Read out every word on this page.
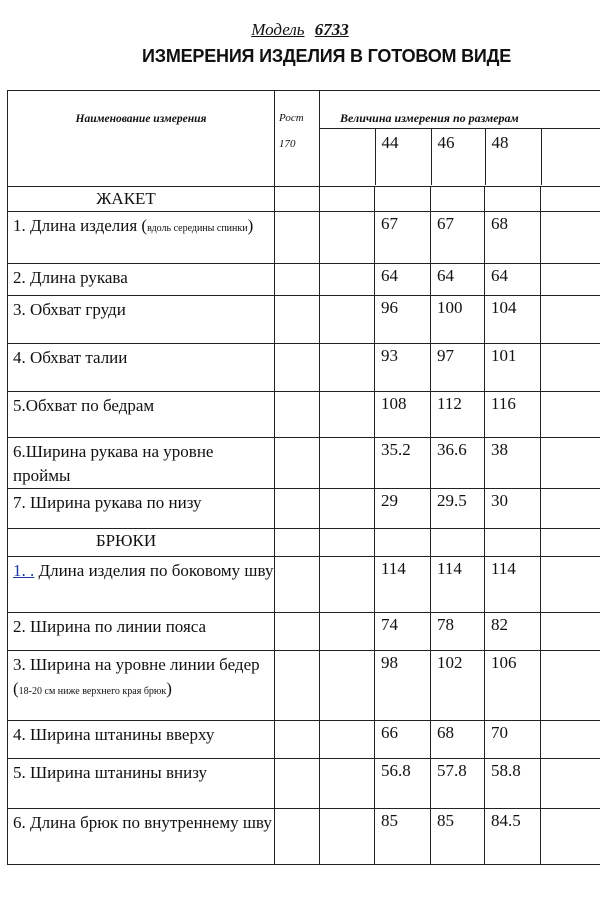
Модель 6733
ИЗМЕРЕНИЯ ИЗДЕЛИЯ В ГОТОВОМ ВИДЕ
Наименование измерения	Рост
170

Величина измерения по размерам
	44	46	48	

ЖАКЕТ						
1. Длина изделия (вдоль середины спинки)			67	67	68	
2. Длина рукава			64	64	64	
3. Обхват груди			96	100	104	
4. Обхват талии			93	97	101	
5.Обхват по бедрам			108	112	116	
6.Ширина рукава на уровне проймы			35.2	36.6	38	
7. Ширина рукава по низу			29	29.5	30	
БРЮКИ						
1. . Длина изделия по боковому шву			114	114	114	
2. Ширина по линии пояса			74	78	82	
3. Ширина на уровне линии бедер (18-20 см ниже верхнего края брюк)			98	102	106	
4. Ширина штанины вверху			66	68	70	
5. Ширина штанины внизу			56.8	57.8	58.8	
6. Длина брюк по внутреннему шву			85	85	84.5	
